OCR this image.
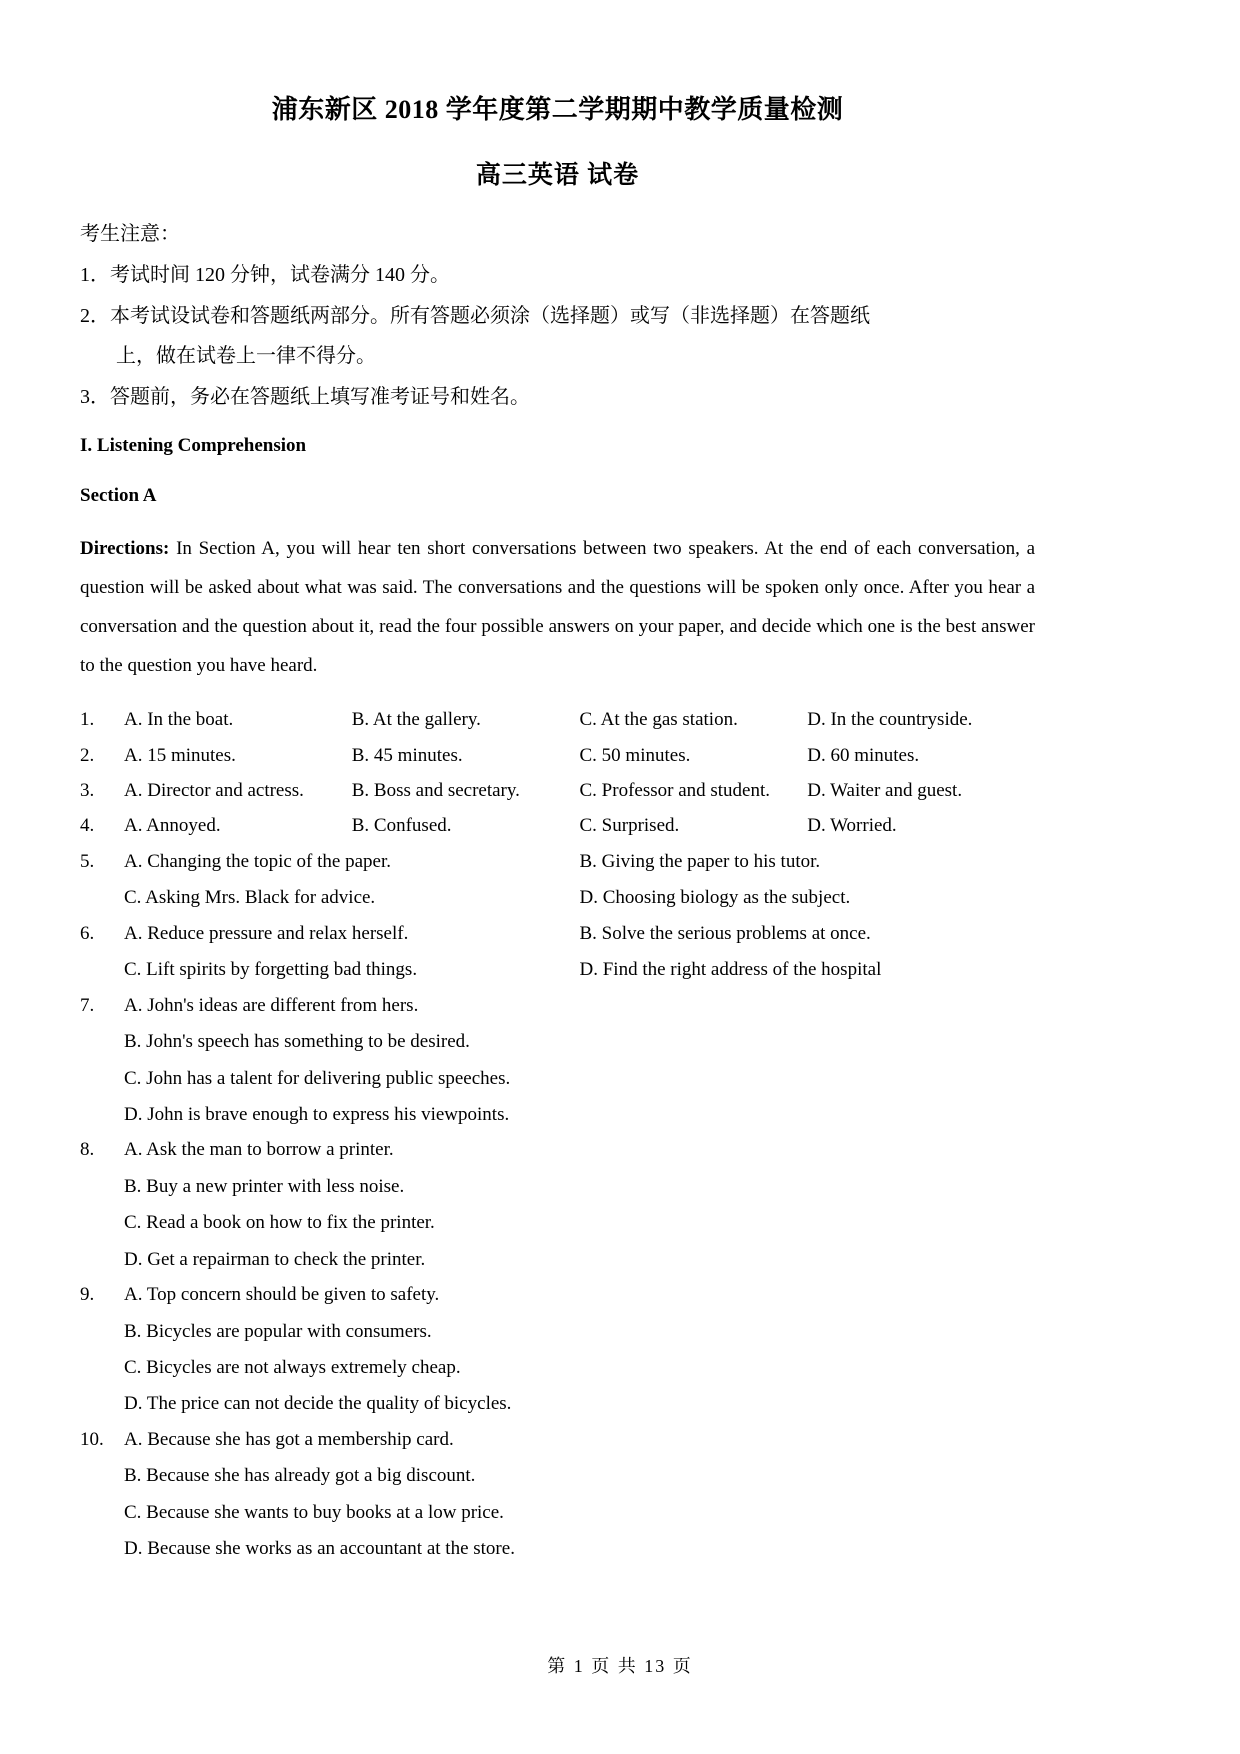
浦东新区 2018 学年度第二学期期中教学质量检测
高三英语 试卷
考生注意：
1．考试时间 120 分钟，试卷满分 140 分。
2．本考试设试卷和答题纸两部分。所有答题必须涂（选择题）或写（非选择题）在答题纸
上，做在试卷上一律不得分。
3．答题前，务必在答题纸上填写准考证号和姓名。
I. Listening Comprehension
Section A

Directions: In Section A, you will hear ten short conversations between two speakers. At the end of each conversation, a question will be asked about what was said. The conversations and the questions will be spoken only once. After you hear a conversation and the question about it, read the four possible answers on your paper, and decide which one is the best answer to the question you have heard.

1.	A. In the boat.	B. At the gallery.	C. At the gas station.	D. In the countryside.
2.	A. 15 minutes.	B. 45 minutes.	C. 50 minutes.	D. 60 minutes.
3.	A. Director and actress.	B. Boss and secretary.	C. Professor and student.	D. Waiter and guest.
4.	A. Annoyed.	B. Confused.	C. Surprised.	D. Worried.
5.	A. Changing the topic of the paper.	B. Giving the paper to his tutor.
C. Asking Mrs. Black for advice.	D. Choosing biology as the subject.
6.	A. Reduce pressure and relax herself.	B. Solve the serious problems at once.
C. Lift spirits by forgetting bad things.	D. Find the right address of the hospital
7.	A. John's ideas are different from hers.
B. John's speech has something to be desired.
C. John has a talent for delivering public speeches.
D. John is brave enough to express his viewpoints.
8.	A. Ask the man to borrow a printer.
B. Buy a new printer with less noise.
C. Read a book on how to fix the printer.
D. Get a repairman to check the printer.
9.	A. Top concern should be given to safety.
B. Bicycles are popular with consumers.
C. Bicycles are not always extremely cheap.
D. The price can not decide the quality of bicycles.
10.	A. Because she has got a membership card.
B. Because she has already got a big discount.
C. Because she wants to buy books at a low price.
D. Because she works as an accountant at the store.
第 1 页 共 13 页
